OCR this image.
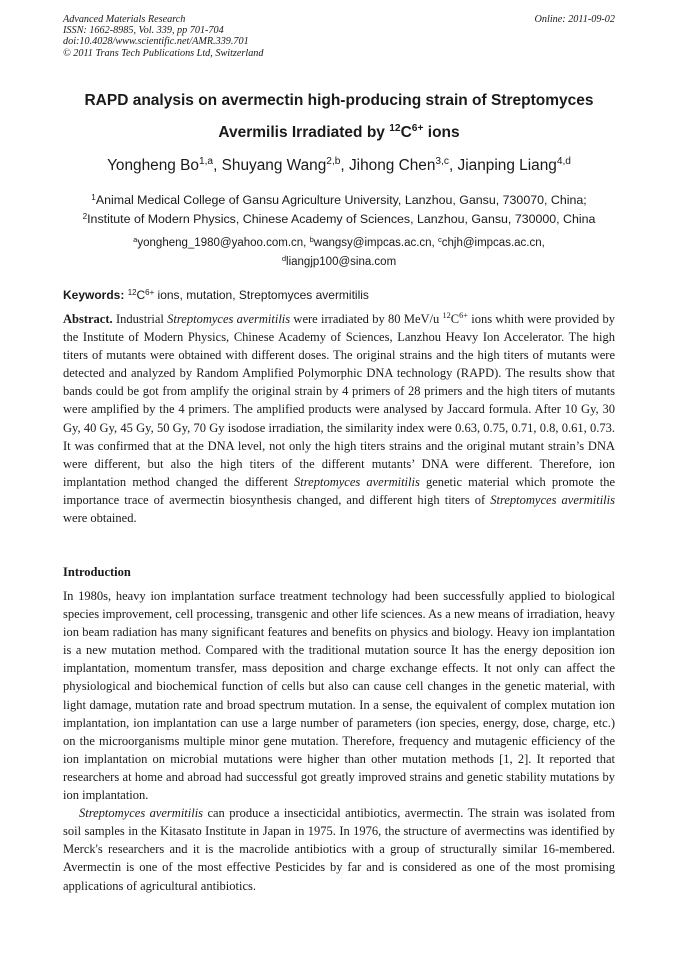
Advanced Materials Research
ISSN: 1662-8985, Vol. 339, pp 701-704
doi:10.4028/www.scientific.net/AMR.339.701
© 2011 Trans Tech Publications Ltd, Switzerland
Online: 2011-09-02
RAPD analysis on avermectin high-producing strain of Streptomyces
Avermilis Irradiated by $^{12}C^{6+}$ ions
Yongheng Bo$^{1,a}$, Shuyang Wang$^{2,b}$, Jihong Chen$^{3,c}$, Jianping Liang$^{4,d}$
$^1$Animal Medical College of Gansu Agriculture University, Lanzhou, Gansu, 730070, China;
$^2$Institute of Modern Physics, Chinese Academy of Sciences, Lanzhou, Gansu, 730000, China
$^a$yongheng_1980@yahoo.com.cn, $^b$wangsy@impcas.ac.cn, $^c$chjh@impcas.ac.cn,
$^d$liangjp100@sina.com
Keywords: $^{12}C^{6+}$ ions, mutation, Streptomyces avermitilis

Abstract. Industrial Streptomyces avermitilis were irradiated by 80 MeV/u $^{12}C^{6+}$ ions whith were provided by the Institute of Modern Physics, Chinese Academy of Sciences, Lanzhou Heavy Ion Accelerator. The high titers of mutants were obtained with different doses. The original strains and the high titers of mutants were detected and analyzed by Random Amplified Polymorphic DNA technology (RAPD). The results show that bands could be got from amplify the original strain by 4 primers of 28 primers and the high titers of mutants were amplified by the 4 primers. The amplified products were analysed by Jaccard formula. After 10 Gy, 30 Gy, 40 Gy, 45 Gy, 50 Gy, 70 Gy isodose irradiation, the similarity index were 0.63, 0.75, 0.71, 0.8, 0.61, 0.73. It was confirmed that at the DNA level, not only the high titers strains and the original mutant strain’s DNA were different, but also the high titers of the different mutants’ DNA were different. Therefore, ion implantation method changed the different Streptomyces avermitilis genetic material which promote the importance trace of avermectin biosynthesis changed, and different high titers of Streptomyces avermitilis were obtained.

Introduction

In 1980s, heavy ion implantation surface treatment technology had been successfully applied to biological species improvement, cell processing, transgenic and other life sciences. As a new means of irradiation, heavy ion beam radiation has many significant features and benefits on physics and biology. Heavy ion implantation is a new mutation method. Compared with the traditional mutation source It has the energy deposition ion implantation, momentum transfer, mass deposition and charge exchange effects. It not only can affect the physiological and biochemical function of cells but also can cause cell changes in the genetic material, with light damage, mutation rate and broad spectrum mutation. In a sense, the equivalent of complex mutation ion implantation, ion implantation can use a large number of parameters (ion species, energy, dose, charge, etc.) on the microorganisms multiple minor gene mutation. Therefore, frequency and mutagenic efficiency of the ion implantation on microbial mutations were higher than other mutation methods [1, 2]. It reported that researchers at home and abroad had successful got greatly improved strains and genetic stability mutations by ion implantation.

Streptomyces avermitilis can produce a insecticidal antibiotics, avermectin. The strain was isolated from soil samples in the Kitasato Institute in Japan in 1975. In 1976, the structure of avermectins was identified by Merck's researchers and it is the macrolide antibiotics with a group of structurally similar 16-membered. Avermectin is one of the most effective Pesticides by far and is considered as one of the most promising applications of agricultural antibiotics.
